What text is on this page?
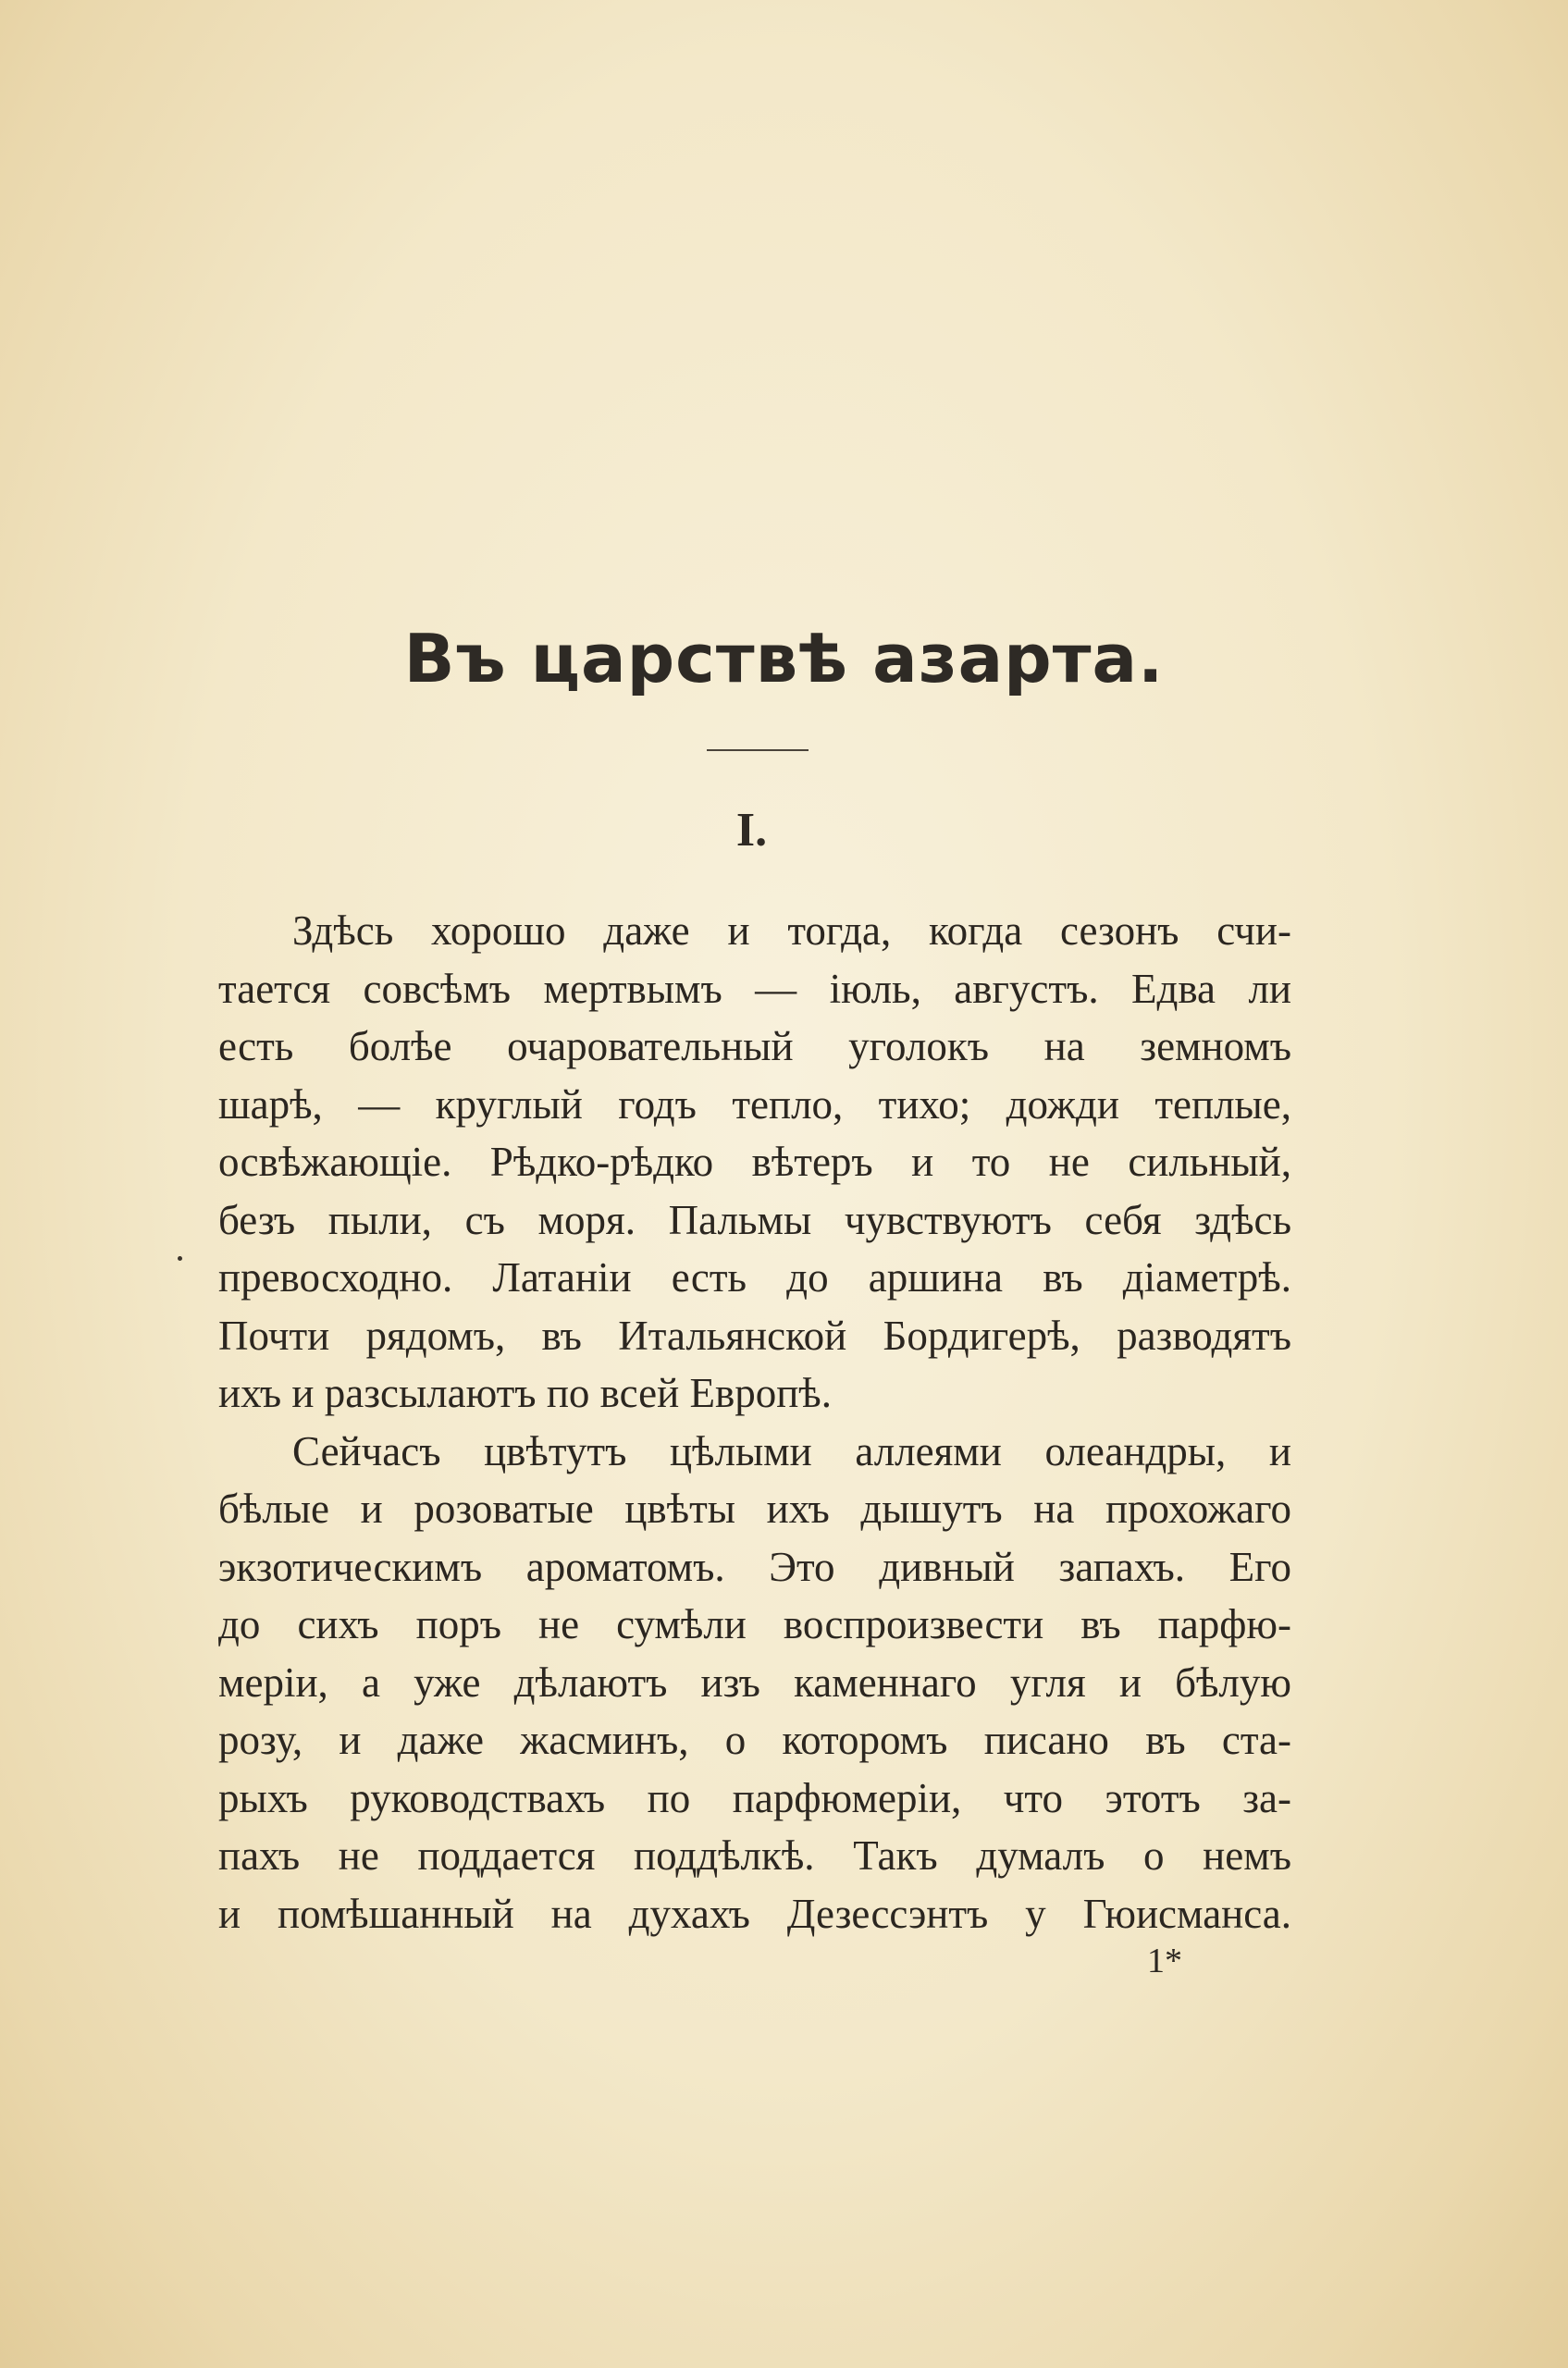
Въ царствѣ азарта.
I.
Здѣсь хорошо даже и тогда, когда сезонъ счи-
тается совсѣмъ мертвымъ — іюль, августъ. Едва ли
есть болѣе очаровательный уголокъ на земномъ
шарѣ, — круглый годъ тепло, тихо; дожди теплые,
освѣжающіе. Рѣдко-рѣдко вѣтеръ и то не сильный,
безъ пыли, съ моря. Пальмы чувствуютъ себя здѣсь
превосходно. Латаніи есть до аршина въ діаметрѣ.
Почти рядомъ, въ Итальянской Бордигерѣ, разводятъ
ихъ и разсылаютъ по всей Европѣ.
Сейчасъ цвѣтутъ цѣлыми аллеями олеандры, и
бѣлые и розоватые цвѣты ихъ дышутъ на прохожаго
экзотическимъ ароматомъ. Это дивный запахъ. Его
до сихъ поръ не сумѣли воспроизвести въ парфю-
меріи, а уже дѣлаютъ изъ каменнаго угля и бѣлую
розу, и даже жасминъ, о которомъ писано въ ста-
рыхъ руководствахъ по парфюмеріи, что этотъ за-
пахъ не поддается поддѣлкѣ. Такъ думалъ о немъ
и помѣшанный на духахъ Дезессэнтъ у Гюисманса.
1*
